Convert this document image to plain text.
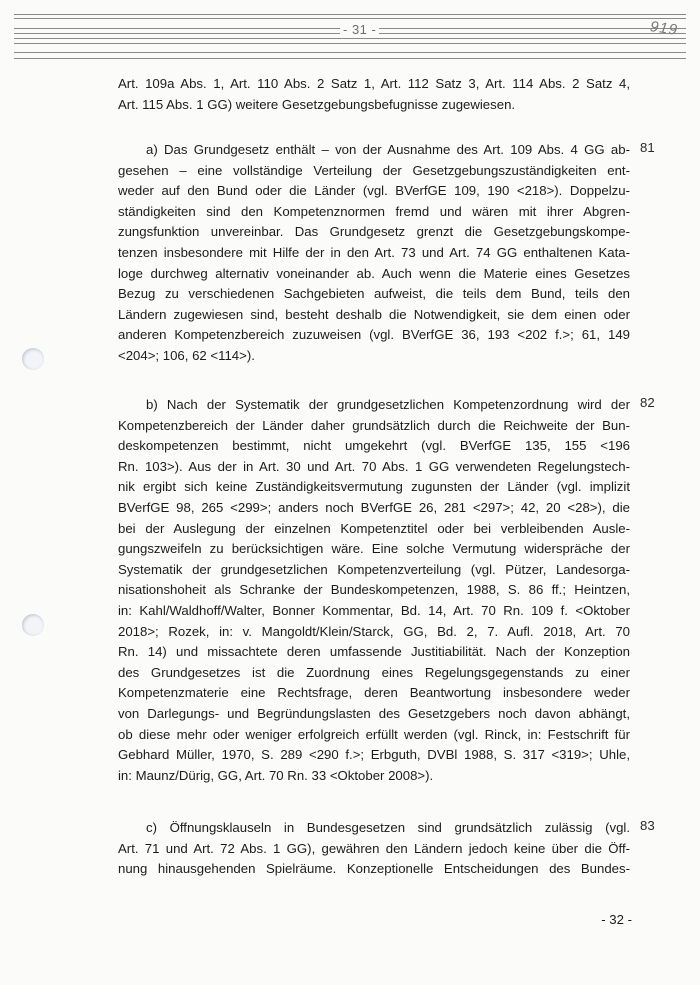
- 31 -	919
Art. 109a Abs. 1, Art. 110 Abs. 2 Satz 1, Art. 112 Satz 3, Art. 114 Abs. 2 Satz 4,
Art. 115 Abs. 1 GG) weitere Gesetzgebungsbefugnisse zugewiesen.
81
a) Das Grundgesetz enthält – von der Ausnahme des Art. 109 Abs. 4 GG ab-
gesehen – eine vollständige Verteilung der Gesetzgebungszuständigkeiten ent-
weder auf den Bund oder die Länder (vgl. BVerfGE 109, 190 <218>). Doppelzu-
ständigkeiten sind den Kompetenznormen fremd und wären mit ihrer Abgren-
zungsfunktion unvereinbar. Das Grundgesetz grenzt die Gesetzgebungskompe-
tenzen insbesondere mit Hilfe der in den Art. 73 und Art. 74 GG enthaltenen Kata-
loge durchweg alternativ voneinander ab. Auch wenn die Materie eines Gesetzes
Bezug zu verschiedenen Sachgebieten aufweist, die teils dem Bund, teils den
Ländern zugewiesen sind, besteht deshalb die Notwendigkeit, sie dem einen oder
anderen Kompetenzbereich zuzuweisen (vgl. BVerfGE 36, 193 <202 f.>; 61, 149
<204>; 106, 62 <114>).
82
b) Nach der Systematik der grundgesetzlichen Kompetenzordnung wird der
Kompetenzbereich der Länder daher grundsätzlich durch die Reichweite der Bun-
deskompetenzen bestimmt, nicht umgekehrt (vgl. BVerfGE 135, 155 <196
Rn. 103>). Aus der in Art. 30 und Art. 70 Abs. 1 GG verwendeten Regelungstech-
nik ergibt sich keine Zuständigkeitsvermutung zugunsten der Länder (vgl. implizit
BVerfGE 98, 265 <299>; anders noch BVerfGE 26, 281 <297>; 42, 20 <28>), die
bei der Auslegung der einzelnen Kompetenztitel oder bei verbleibenden Ausle-
gungszweifeln zu berücksichtigen wäre. Eine solche Vermutung widerspräche der
Systematik der grundgesetzlichen Kompetenzverteilung (vgl. Pützer, Landesorga-
nisationshoheit als Schranke der Bundeskompetenzen, 1988, S. 86 ff.; Heintzen,
in: Kahl/Waldhoff/Walter, Bonner Kommentar, Bd. 14, Art. 70 Rn. 109 f. <Oktober
2018>; Rozek, in: v. Mangoldt/Klein/Starck, GG, Bd. 2, 7. Aufl. 2018, Art. 70
Rn. 14) und missachtete deren umfassende Justitiabilität. Nach der Konzeption
des Grundgesetzes ist die Zuordnung eines Regelungsgegenstands zu einer
Kompetenzmaterie eine Rechtsfrage, deren Beantwortung insbesondere weder
von Darlegungs- und Begründungslasten des Gesetzgebers noch davon abhängt,
ob diese mehr oder weniger erfolgreich erfüllt werden (vgl. Rinck, in: Festschrift für
Gebhard Müller, 1970, S. 289 <290 f.>; Erbguth, DVBl 1988, S. 317 <319>; Uhle,
in: Maunz/Dürig, GG, Art. 70 Rn. 33 <Oktober 2008>).
83
c) Öffnungsklauseln in Bundesgesetzen sind grundsätzlich zulässig (vgl.
Art. 71 und Art. 72 Abs. 1 GG), gewähren den Ländern jedoch keine über die Öff-
nung hinausgehenden Spielräume. Konzeptionelle Entscheidungen des Bundes-
- 32 -
